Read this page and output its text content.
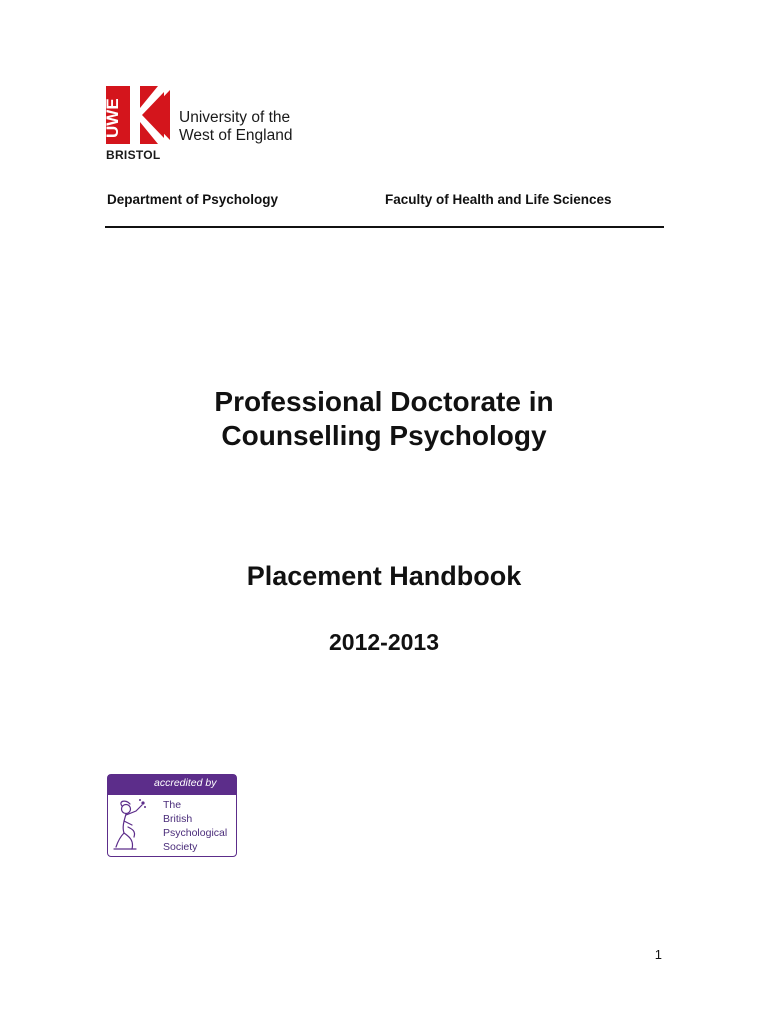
UWE
BRISTOL
University of the
West of England
Department of Psychology	Faculty of Health and Life Sciences
Professional Doctorate in
Counselling Psychology
Placement Handbook
2012-2013
accredited by
The
British
Psychological
Society
1
